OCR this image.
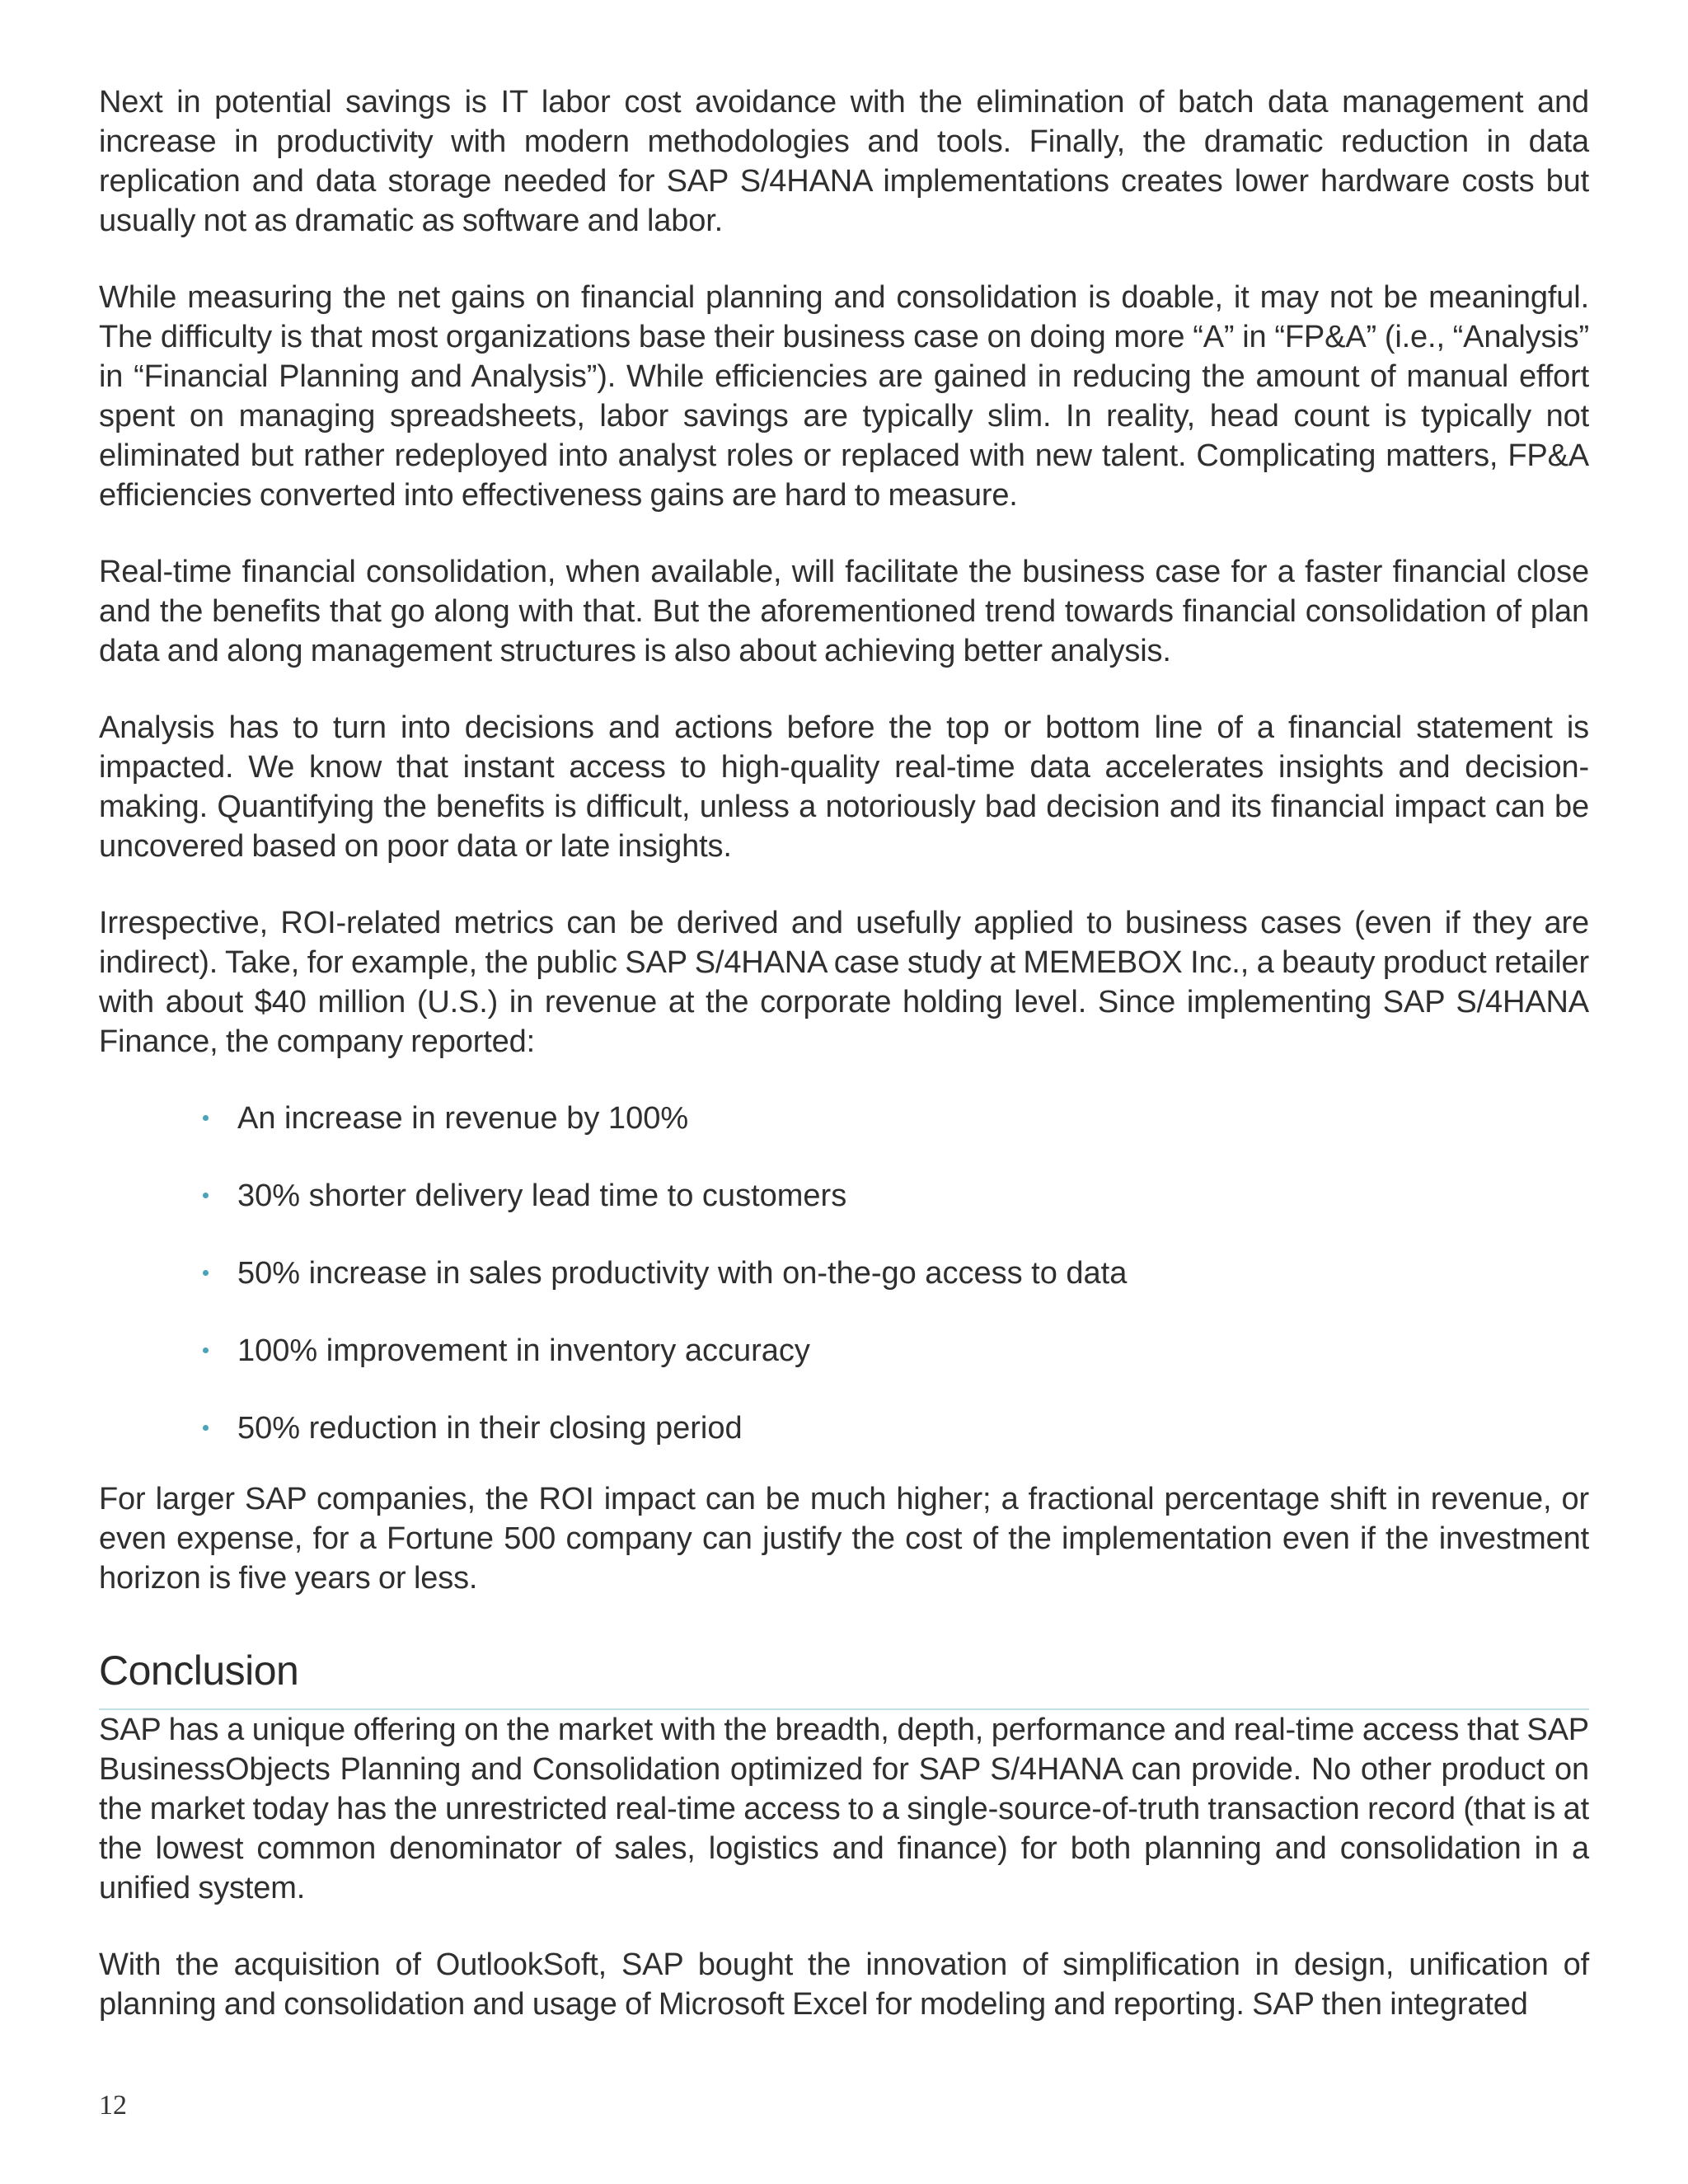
Next in potential savings is IT labor cost avoidance with the elimination of batch data management and increase in productivity with modern methodologies and tools. Finally, the dramatic reduction in data replication and data storage needed for SAP S/4HANA implementations creates lower hardware costs but usually not as dramatic as software and labor.

While measuring the net gains on financial planning and consolidation is doable, it may not be meaningful. The difficulty is that most organizations base their business case on doing more “A” in “FP&A” (i.e., “Analysis” in “Financial Planning and Analysis”). While efficiencies are gained in reducing the amount of manual effort spent on managing spreadsheets, labor savings are typically slim. In reality, head count is typically not eliminated but rather redeployed into analyst roles or replaced with new talent. Complicating matters, FP&A efficiencies converted into effectiveness gains are hard to measure.

Real-time financial consolidation, when available, will facilitate the business case for a faster financial close and the benefits that go along with that. But the aforementioned trend towards financial consolidation of plan data and along management structures is also about achieving better analysis.

Analysis has to turn into decisions and actions before the top or bottom line of a financial statement is impacted. We know that instant access to high-quality real-time data accelerates insights and decision-making. Quantifying the benefits is difficult, unless a notoriously bad decision and its financial impact can be uncovered based on poor data or late insights.

Irrespective, ROI-related metrics can be derived and usefully applied to business cases (even if they are indirect). Take, for example, the public SAP S/4HANA case study at MEMEBOX Inc., a beauty product retailer with about $40 million (U.S.) in revenue at the corporate holding level. Since implementing SAP S/4HANA Finance, the company reported:

An increase in revenue by 100%
30% shorter delivery lead time to customers
50% increase in sales productivity with on-the-go access to data
100% improvement in inventory accuracy
50% reduction in their closing period

For larger SAP companies, the ROI impact can be much higher; a fractional percentage shift in revenue, or even expense, for a Fortune 500 company can justify the cost of the implementation even if the investment horizon is five years or less.

Conclusion

SAP has a unique offering on the market with the breadth, depth, performance and real-time access that SAP BusinessObjects Planning and Consolidation optimized for SAP S/4HANA can provide. No other product on the market today has the unrestricted real-time access to a single-source-of-truth transaction record (that is at the lowest common denominator of sales, logistics and finance) for both planning and consolidation in a unified system.

With the acquisition of OutlookSoft, SAP bought the innovation of simplification in design, unification of planning and consolidation and usage of Microsoft Excel for modeling and reporting. SAP then integrated

12
